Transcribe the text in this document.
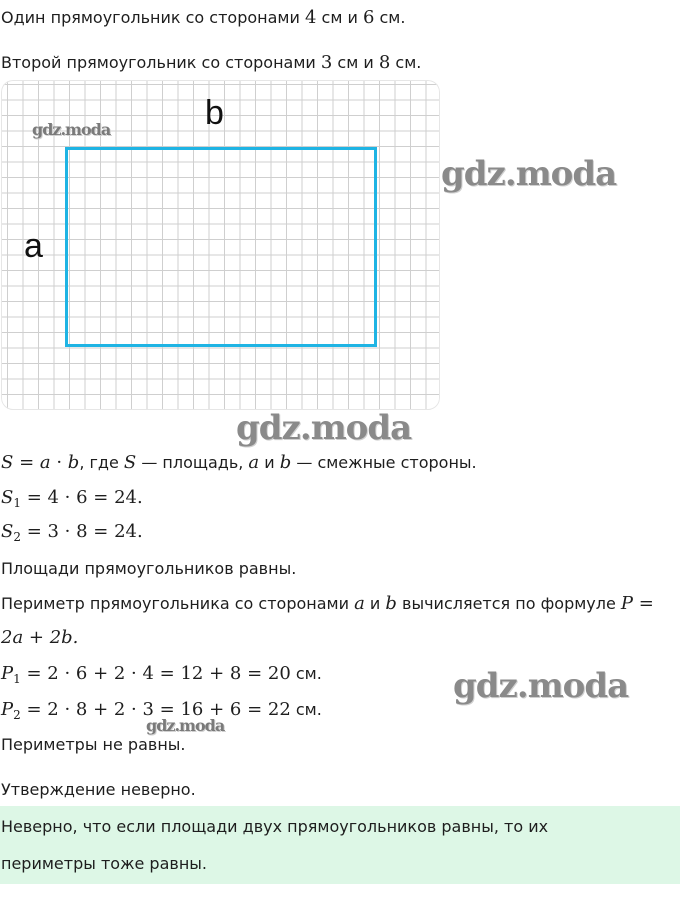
Один прямоугольник со сторонами 4 см и 6 см.
Второй прямоугольник со сторонами 3 см и 8 см.
b
a
gdz.moda
gdz.moda
gdz.moda
gdz.moda
gdz.moda
S = a · b, где S — площадь, a и b — смежные стороны.
$S_1 = 4 \cdot 6 = 24$.
$S_2 = 3 \cdot 8 = 24$.
Площади прямоугольников равны.
Периметр прямоугольника со сторонами a и b вычисляется по формуле P =
2a + 2b.
$P_1 = 2 \cdot 6 + 2 \cdot 4 = 12 + 8 = 20$ см.
$P_2 = 2 \cdot 8 + 2 \cdot 3 = 16 + 6 = 22$ см.
Периметры не равны.
Утверждение неверно.
Неверно, что если площади двух прямоугольников равны, то их
периметры тоже равны.
